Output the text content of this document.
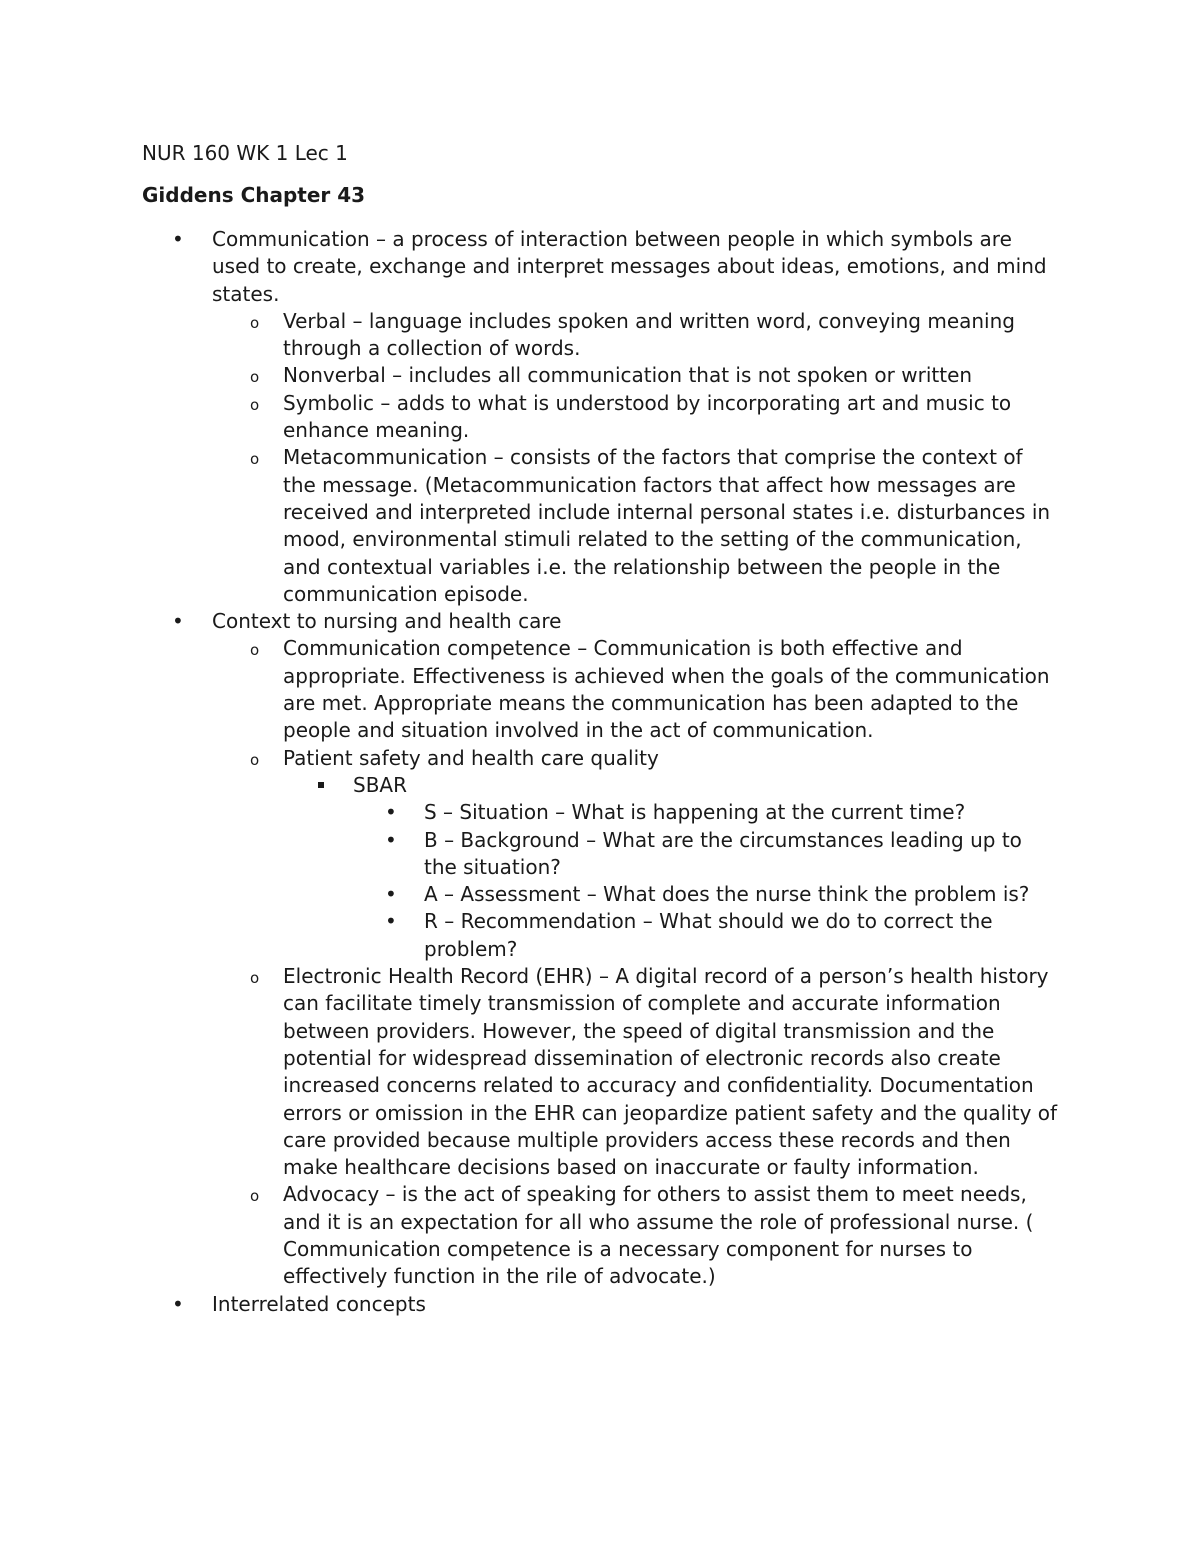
NUR 160 WK 1 Lec 1
Giddens Chapter 43
• Communication – a process of interaction between people in which symbols are used to create, exchange and interpret messages about ideas, emotions, and mind states.
o Verbal – language includes spoken and written word, conveying meaning through a collection of words.
o Nonverbal – includes all communication that is not spoken or written
o Symbolic – adds to what is understood by incorporating art and music to enhance meaning.
o Metacommunication – consists of the factors that comprise the context of the message. (Metacommunication factors that affect how messages are received and interpreted include internal personal states i.e. disturbances in mood, environmental stimuli related to the setting of the communication, and contextual variables i.e. the relationship between the people in the communication episode.
• Context to nursing and health care
o Communication competence – Communication is both effective and appropriate. Effectiveness is achieved when the goals of the communication are met. Appropriate means the communication has been adapted to the people and situation involved in the act of communication.
o Patient safety and health care quality
SBAR
• S – Situation – What is happening at the current time?
• B – Background – What are the circumstances leading up to the situation?
• A – Assessment – What does the nurse think the problem is?
• R – Recommendation – What should we do to correct the problem?
o Electronic Health Record (EHR) – A digital record of a person’s health history can facilitate timely transmission of complete and accurate information between providers. However, the speed of digital transmission and the potential for widespread dissemination of electronic records also create increased concerns related to accuracy and confidentiality. Documentation errors or omission in the EHR can jeopardize patient safety and the quality of care provided because multiple providers access these records and then make healthcare decisions based on inaccurate or faulty information.
o Advocacy – is the act of speaking for others to assist them to meet needs, and it is an expectation for all who assume the role of professional nurse. ( Communication competence is a necessary component for nurses to effectively function in the rile of advocate.)
• Interrelated concepts
